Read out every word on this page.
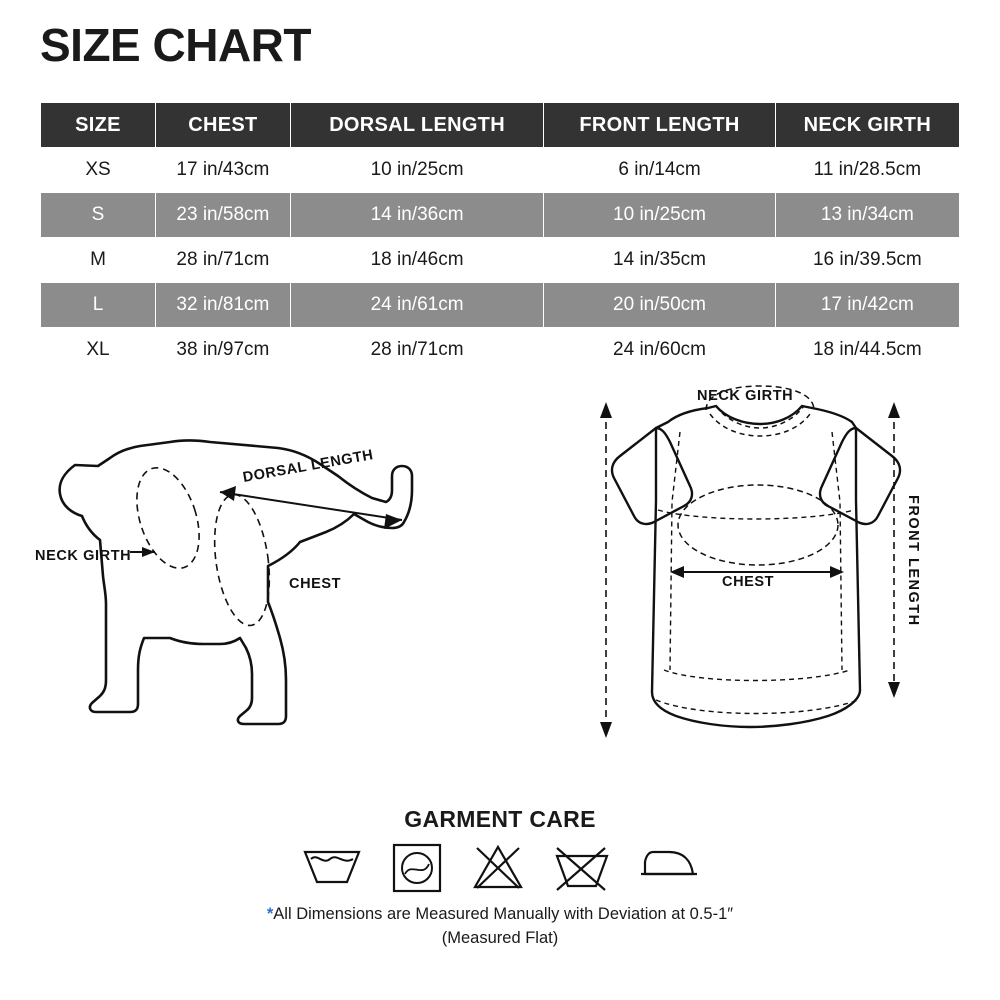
SIZE CHART
SIZE	CHEST	DORSAL LENGTH	FRONT LENGTH	NECK GIRTH
XS	17 in/43cm	10 in/25cm	6 in/14cm	11 in/28.5cm
S	23 in/58cm	14 in/36cm	10 in/25cm	13 in/34cm
M	28 in/71cm	18 in/46cm	14 in/35cm	16 in/39.5cm
L	32 in/81cm	24 in/61cm	20 in/50cm	17 in/42cm
XL	38 in/97cm	28 in/71cm	24 in/60cm	18 in/44.5cm
NECK GIRTH
DORSAL LENGTH
CHEST
NECK GIRTH
CHEST	FRONT LENGTH
GARMENT CARE
*All Dimensions are Measured Manually with Deviation at 0.5-1″
(Measured Flat)
